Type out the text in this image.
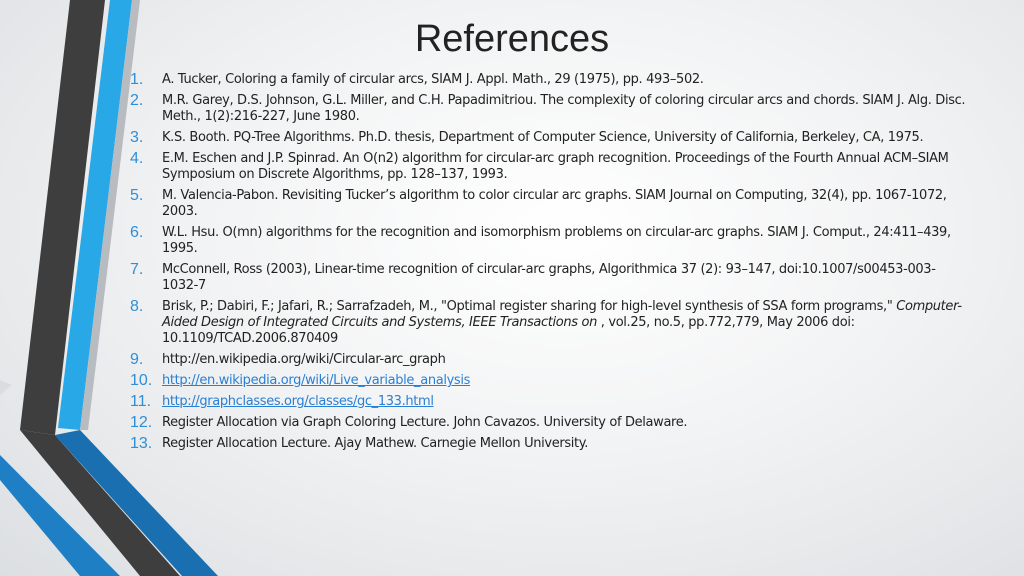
References
1.	A. Tucker, Coloring a family of circular arcs, SIAM J. Appl. Math., 29 (1975), pp. 493–502.
2.	M.R. Garey, D.S. Johnson, G.L. Miller, and C.H. Papadimitriou. The complexity of coloring circular arcs and chords. SIAM J. Alg. Disc. Meth., 1(2):216-227, June 1980.
3.	K.S. Booth. PQ-Tree Algorithms. Ph.D. thesis, Department of Computer Science, University of California, Berkeley, CA, 1975.
4.	E.M. Eschen and J.P. Spinrad. An O(n2) algorithm for circular-arc graph recognition. Proceedings of the Fourth Annual ACM–SIAM Symposium on Discrete Algorithms, pp. 128–137, 1993.
5.	M. Valencia-Pabon. Revisiting Tucker’s algorithm to color circular arc graphs. SIAM Journal on Computing, 32(4), pp. 1067-1072, 2003.
6.	W.L. Hsu. O(mn) algorithms for the recognition and isomorphism problems on circular-arc graphs. SIAM J. Comput., 24:411–439, 1995.
7.	McConnell, Ross (2003), Linear-time recognition of circular-arc graphs, Algorithmica 37 (2): 93–147, doi:10.1007/s00453-003-1032-7
8.	Brisk, P.; Dabiri, F.; Jafari, R.; Sarrafzadeh, M., "Optimal register sharing for high-level synthesis of SSA form programs," Computer-Aided Design of Integrated Circuits and Systems, IEEE Transactions on , vol.25, no.5, pp.772,779, May 2006 doi: 10.1109/TCAD.2006.870409
9.	http://en.wikipedia.org/wiki/Circular-arc_graph
10. http://en.wikipedia.org/wiki/Live_variable_analysis
11. http://graphclasses.org/classes/gc_133.html
12. Register Allocation via Graph Coloring Lecture. John Cavazos. University of Delaware.
13. Register Allocation Lecture. Ajay Mathew. Carnegie Mellon University.
